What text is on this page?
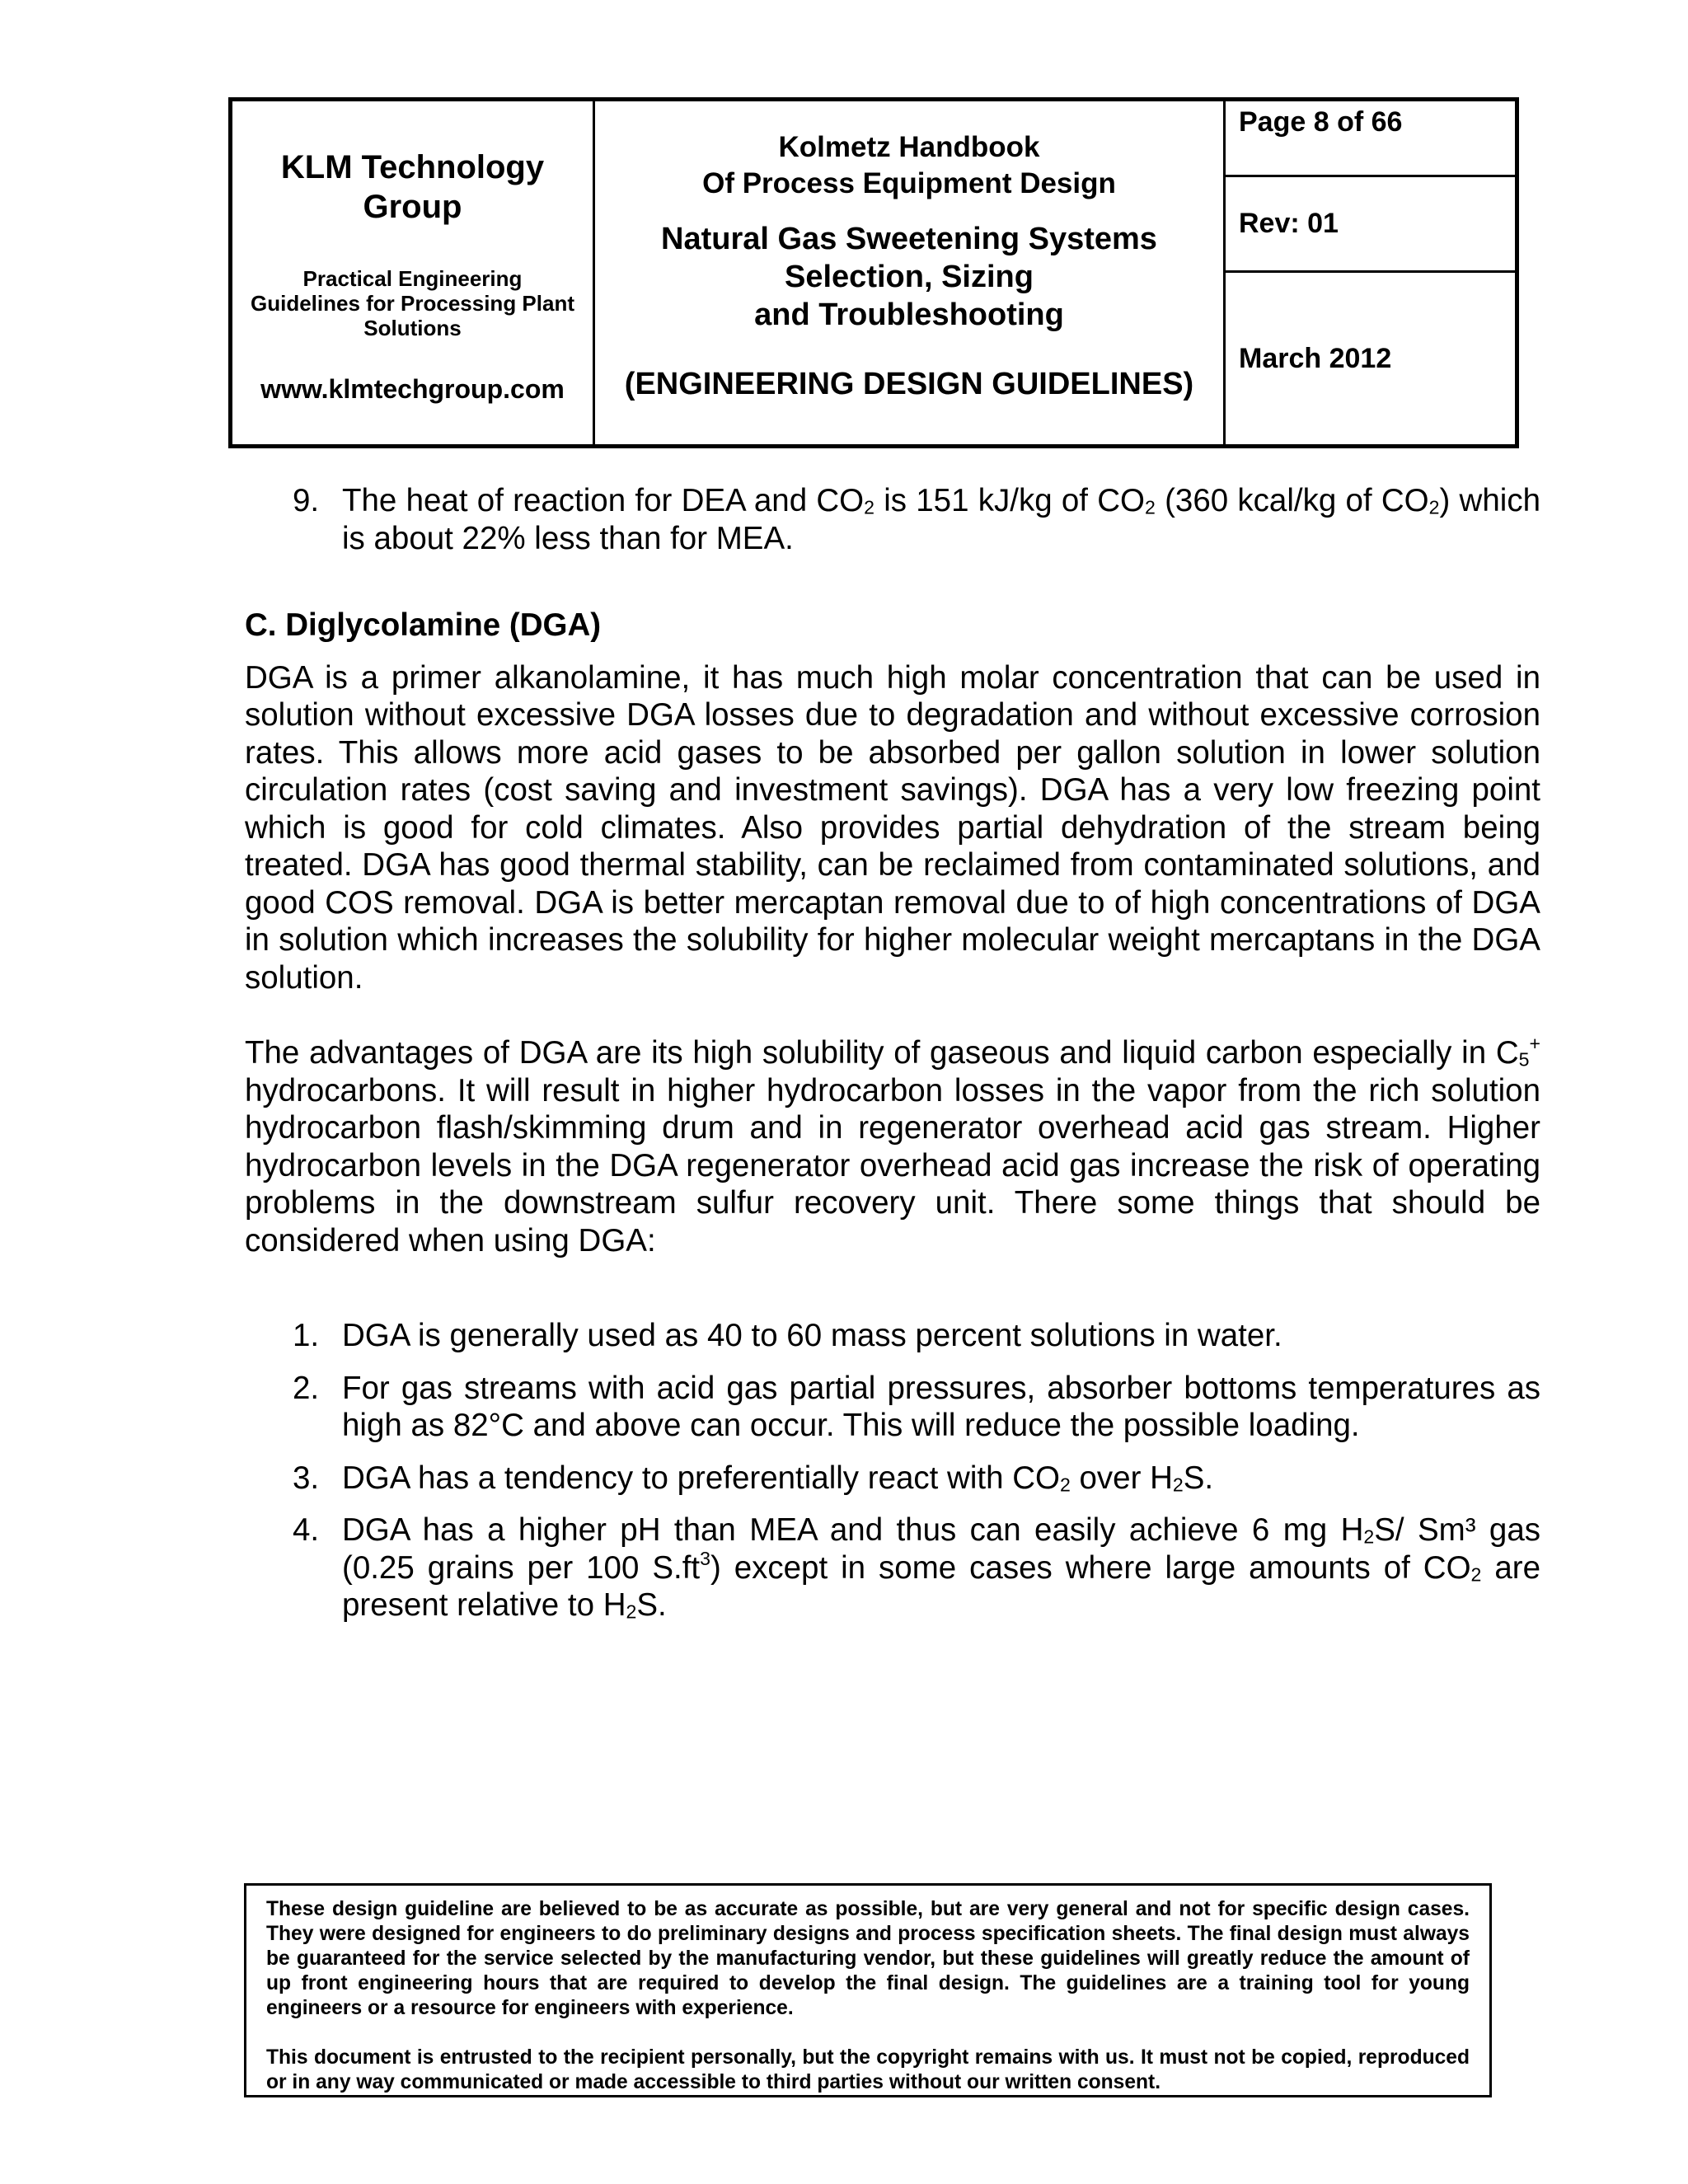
KLM Technology
Group
Practical Engineering
Guidelines for Processing Plant
Solutions
www.klmtechgroup.com
Kolmetz Handbook
Of Process Equipment Design
Natural Gas Sweetening Systems
Selection, Sizing
and Troubleshooting
(ENGINEERING DESIGN GUIDELINES)
Page 8 of 66
Rev: 01
March 2012
9. The heat of reaction for DEA and $CO_2$ is 151 kJ/kg of $CO_2$ (360 kcal/kg of $CO_2$) which is about 22% less than for MEA.
C. Diglycolamine (DGA)

DGA is a primer alkanolamine, it has much high molar concentration that can be used in solution without excessive DGA losses due to degradation and without excessive corrosion rates. This allows more acid gases to be absorbed per gallon solution in lower solution circulation rates (cost saving and investment savings). DGA has a very low freezing point which is good for cold climates. Also provides partial dehydration of the stream being treated. DGA has good thermal stability, can be reclaimed from contaminated solutions, and good COS removal. DGA is better mercaptan removal due to of high concentrations of DGA in solution which increases the solubility for higher molecular weight mercaptans in the DGA solution.

The advantages of DGA are its high solubility of gaseous and liquid carbon especially in $C_5^+$ hydrocarbons. It will result in higher hydrocarbon losses in the vapor from the rich solution hydrocarbon flash/skimming drum and in regenerator overhead acid gas stream. Higher hydrocarbon levels in the DGA regenerator overhead acid gas increase the risk of operating problems in the downstream sulfur recovery unit. There some things that should be considered when using DGA:

1. DGA is generally used as 40 to 60 mass percent solutions in water.
2. For gas streams with acid gas partial pressures, absorber bottoms temperatures as high as 82°C and above can occur. This will reduce the possible loading.
3. DGA has a tendency to preferentially react with $CO_2$ over $H_2S$.
4. DGA has a higher pH than MEA and thus can easily achieve 6 mg $H_2S/$ Sm³ gas (0.25 grains per 100 $S.ft^3$) except in some cases where large amounts of $CO_2$ are present relative to $H_2S$.

These design guideline are believed to be as accurate as possible, but are very general and not for specific design cases. They were designed for engineers to do preliminary designs and process specification sheets. The final design must always be guaranteed for the service selected by the manufacturing vendor, but these guidelines will greatly reduce the amount of up front engineering hours that are required to develop the final design. The guidelines are a training tool for young engineers or a resource for engineers with experience.

This document is entrusted to the recipient personally, but the copyright remains with us. It must not be copied, reproduced or in any way communicated or made accessible to third parties without our written consent.
